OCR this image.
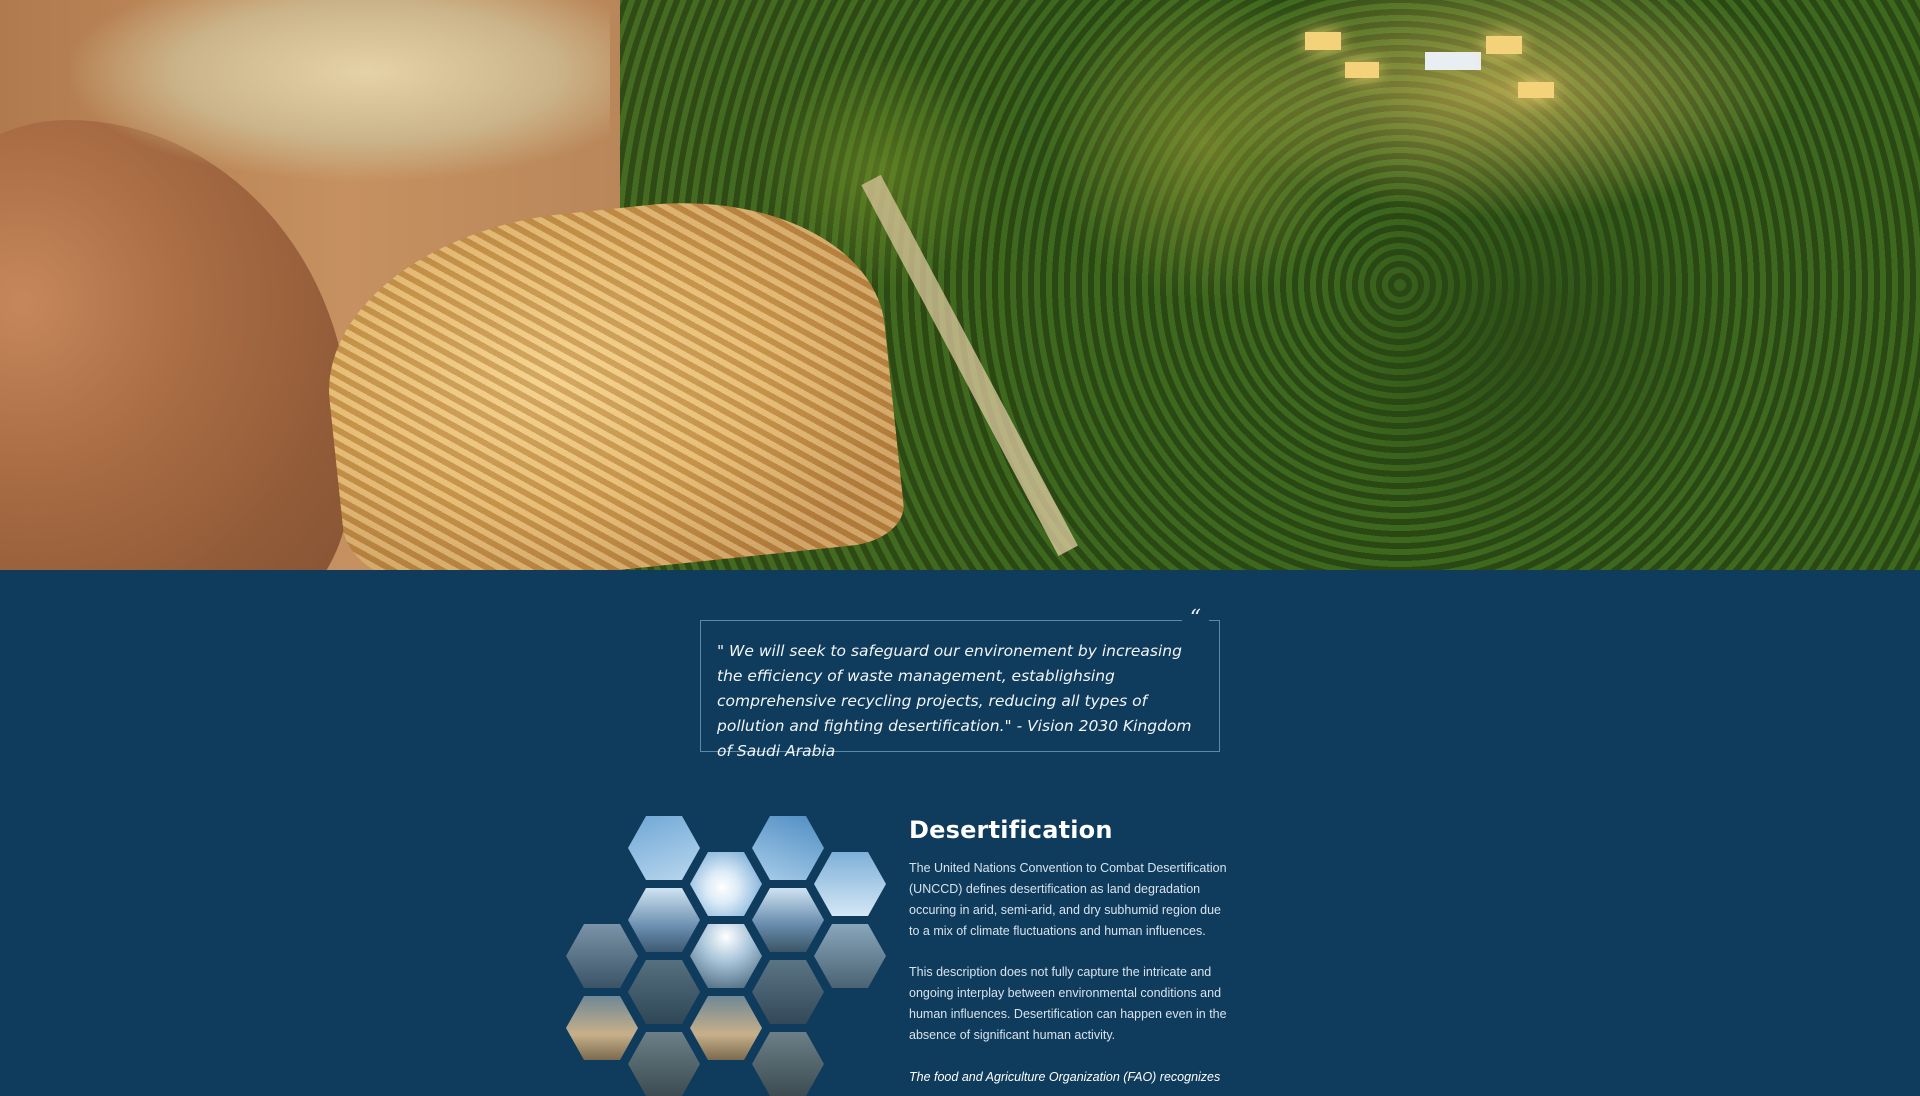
“
" We will seek to safeguard our environement by increasing the efficiency of waste management, establighsing comprehensive recycling projects, reducing all types of pollution and fighting desertification." - Vision 2030 Kingdom of Saudi Arabia
Desertification
The United Nations Convention to Combat Desertification (UNCCD) defines desertification as land degradation occuring in arid, semi-arid, and dry subhumid region due to a mix of climate fluctuations and human influences.
This description does not fully capture the intricate and ongoing interplay between environmental conditions and human influences. Desertification can happen even in the absence of significant human activity.
The food and Agriculture Organization (FAO) recognizes
